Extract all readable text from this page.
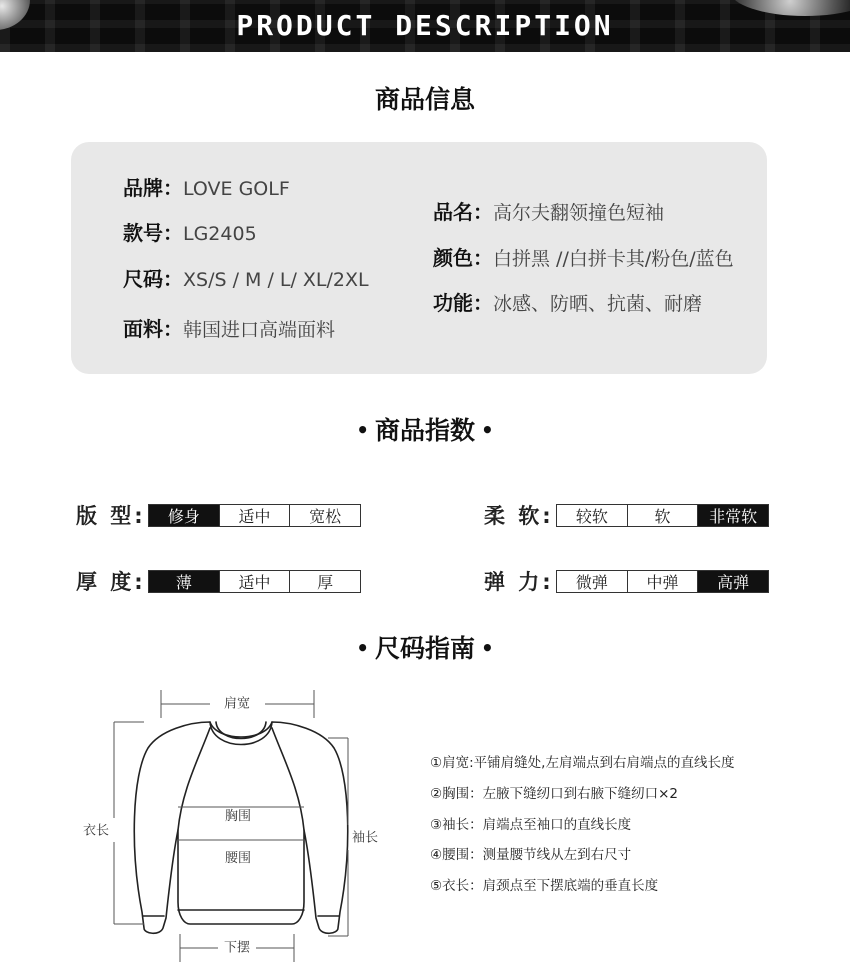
PRODUCT DESCRIPTION
商品信息
品牌：LOVE GOLF
款号：LG2405
尺码：XS/S / M / L/ XL/2XL
面料：韩国进口高端面料
品名：高尔夫翻领撞色短袖
颜色：白拼黑 //白拼卡其/粉色/蓝色
功能：冰感、防晒、抗菌、耐磨
• 商品指数 •
版 型:	修身	适中	宽松	柔 软:	较软	软	非常软
厚 度:	薄	适中	厚	弹 力:	微弹	中弹	高弹
• 尺码指南 •
肩宽
胸围
腰围
衣长	袖长
下摆
①肩宽:平铺肩缝处,左肩端点到右肩端点的直线长度
②胸围：左腋下缝纫口到右腋下缝纫口×2
③袖长：肩端点至袖口的直线长度
④腰围：测量腰节线从左到右尺寸
⑤衣长：肩颈点至下摆底端的垂直长度
